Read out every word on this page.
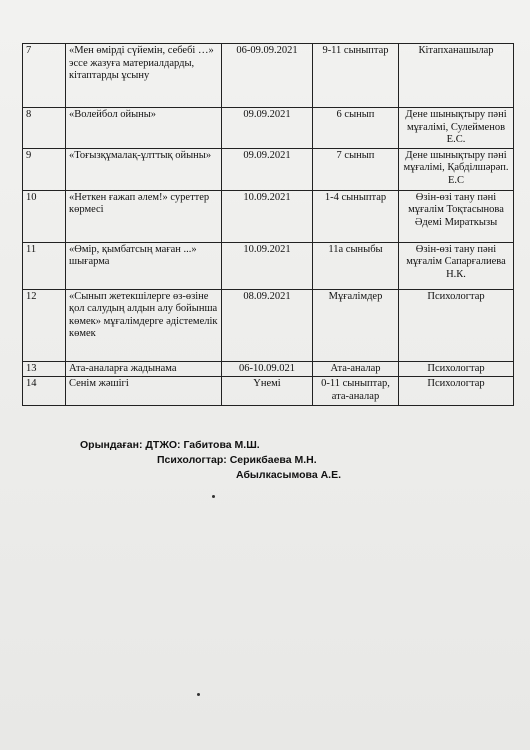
7	«Мен өмірді сүйемін, себебі …» эссе жазуға материалдарды, кітаптарды ұсыну	06-09.09.2021	9-11 сыныптар	Кітапханашылар
8	«Волейбол ойыны»	09.09.2021	6 сынып	Дене шынықтыру пәні мұғалімі, Сулейменов Е.С.
9	«Тоғызқұмалақ-ұлттық ойыны»	09.09.2021	7 сынып	Дене шынықтыру пәні мұғалімі, Қабділшәрәп. Е.С
10	«Неткен ғажап әлем!» суреттер көрмесі	10.09.2021	1-4 сыныптар	Өзін-өзі тану пәні мұғалім Тоқтасынова Әдемі Мираткызы
11	«Өмір, қымбатсың маған ...» шығарма	10.09.2021	11а сыныбы	Өзін-өзі тану пәні мұғалім Сапарғалиева Н.К.
12	«Сынып жетекшілерге өз-өзіне қол салудың алдын алу бойынша көмек» мұғалімдерге әдістемелік көмек	08.09.2021	Мұғалімдер	Психологтар
13	Ата-аналарға жадынама	06-10.09.021	Ата-аналар	Психологтар
14	Сенім жәшігі	Үнемі	0-11 сыныптар, ата-аналар	Психологтар
Орындаған: ДТЖО: Габитова М.Ш.
Психологтар: Серикбаева М.Н.
Абылкасымова А.Е.
